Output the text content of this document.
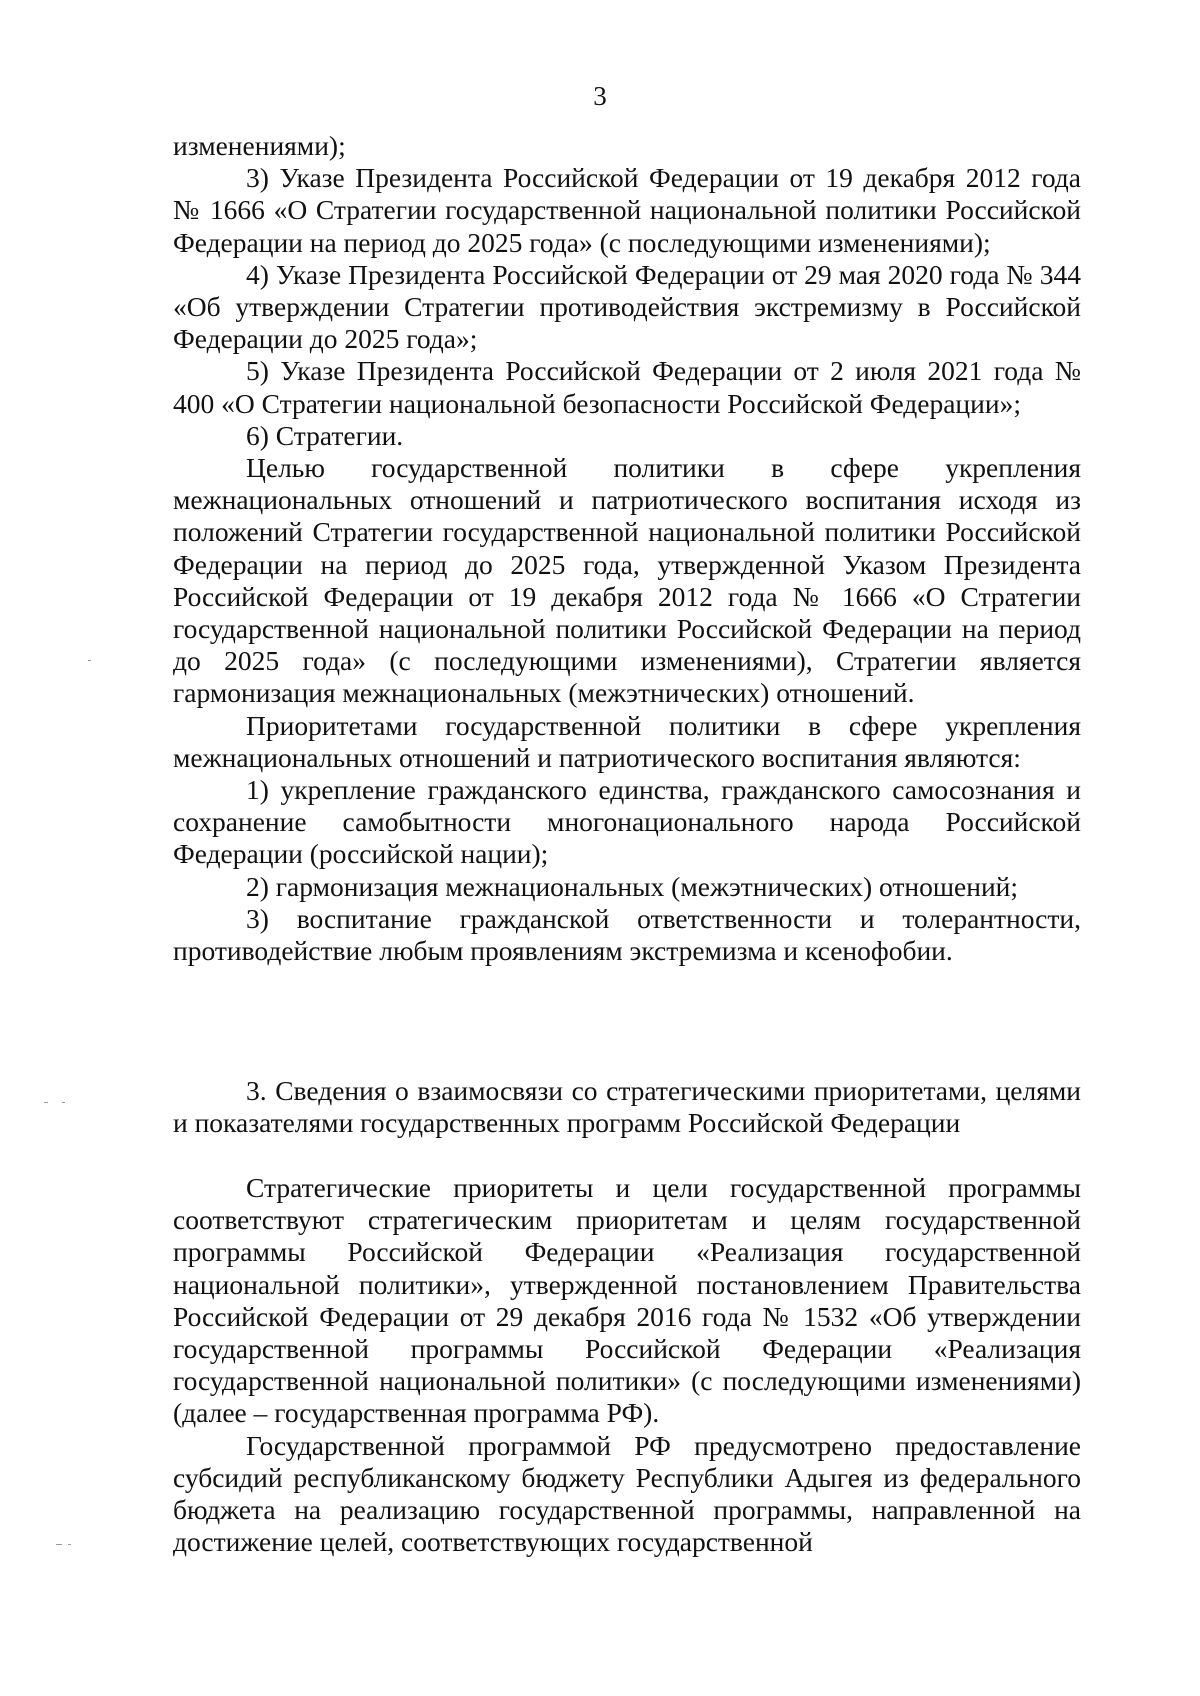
3

изменениями);

3) Указе Президента Российской Федерации от 19 декабря 2012 года № 1666 «О Стратегии государственной национальной политики Российской Федерации на период до 2025 года» (с последующими изменениями);

4) Указе Президента Российской Федерации от 29 мая 2020 года № 344 «Об утверждении Стратегии противодействия экстремизму в Российской Федерации до 2025 года»;

5) Указе Президента Российской Федерации от 2 июля 2021 года № 400 «О Стратегии национальной безопасности Российской Федерации»;

6) Стратегии.

Целью государственной политики в сфере укрепления межнациональных отношений и патриотического воспитания исходя из положений Стратегии государственной национальной политики Российской Федерации на период до 2025 года, утвержденной Указом Президента Российской Федерации от 19 декабря 2012 года № 1666 «О Стратегии государственной национальной политики Российской Федерации на период до 2025 года» (с последующими изменениями), Стратегии является гармонизация межнациональных (межэтнических) отношений.

Приоритетами государственной политики в сфере укрепления межнациональных отношений и патриотического воспитания являются:

1) укрепление гражданского единства, гражданского самосознания и сохранение самобытности многонационального народа Российской Федерации (российской нации);

2) гармонизация межнациональных (межэтнических) отношений;

3) воспитание гражданской ответственности и толерантности, противодействие любым проявлениям экстремизма и ксенофобии.

3. Сведения о взаимосвязи со стратегическими приоритетами, целями и показателями государственных программ Российской Федерации

Стратегические приоритеты и цели государственной программы соответствуют стратегическим приоритетам и целям государственной программы Российской Федерации «Реализация государственной национальной политики», утвержденной постановлением Правительства Российской Федерации от 29 декабря 2016 года № 1532 «Об утверждении государственной программы Российской Федерации «Реализация государственной национальной политики» (с последующими изменениями) (далее – государственная программа РФ).

Государственной программой РФ предусмотрено предоставление субсидий республиканскому бюджету Республики Адыгея из федерального бюджета на реализацию государственной программы, направленной на достижение целей, соответствующих государственной
